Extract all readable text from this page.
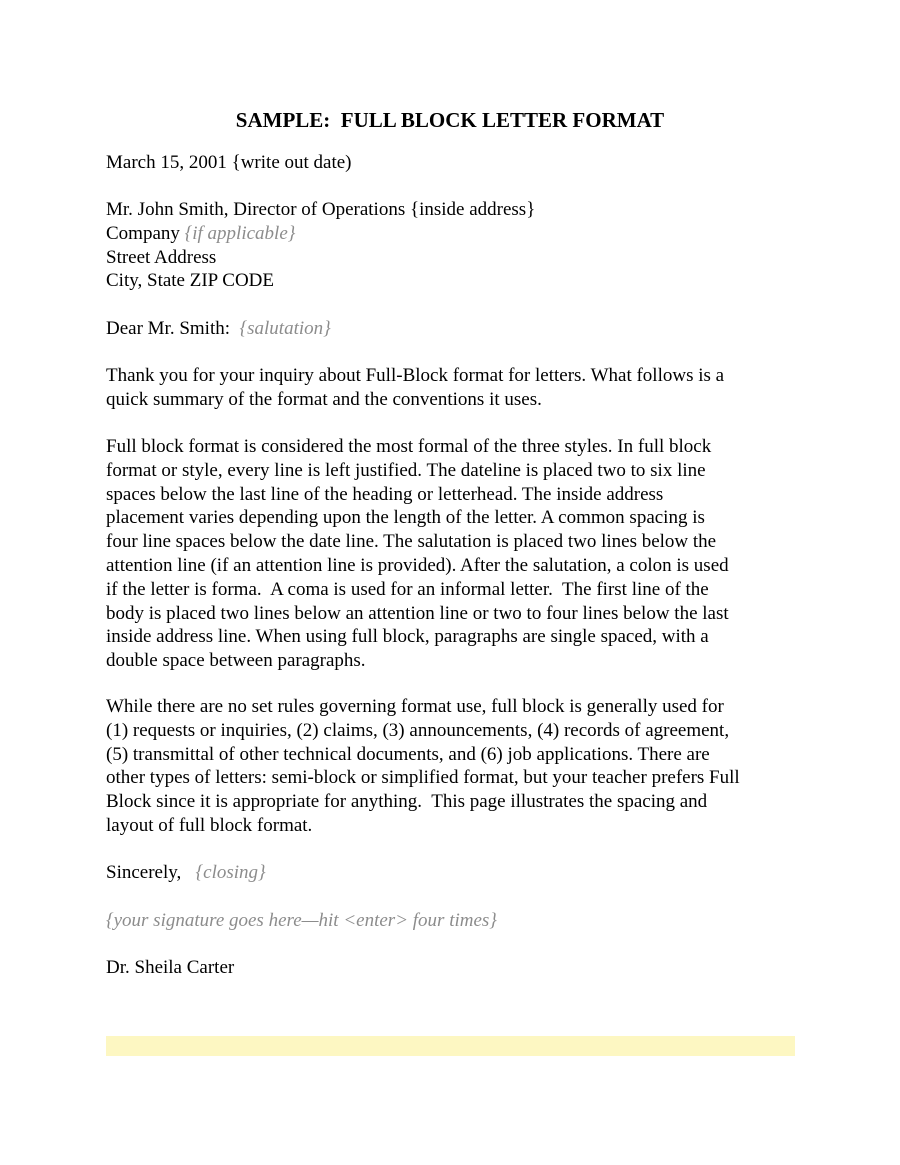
SAMPLE:  FULL BLOCK LETTER FORMAT
March 15, 2001 {write out date)
Mr. John Smith, Director of Operations {inside address}
Company {if applicable}
Street Address
City, State ZIP CODE
Dear Mr. Smith: {salutation}
Thank you for your inquiry about Full-Block format for letters. What follows is a
quick summary of the format and the conventions it uses.
Full block format is considered the most formal of the three styles. In full block
format or style, every line is left justified. The dateline is placed two to six line
spaces below the last line of the heading or letterhead. The inside address
placement varies depending upon the length of the letter. A common spacing is
four line spaces below the date line. The salutation is placed two lines below the
attention line (if an attention line is provided). After the salutation, a colon is used
if the letter is forma.  A coma is used for an informal letter.  The first line of the
body is placed two lines below an attention line or two to four lines below the last
inside address line. When using full block, paragraphs are single spaced, with a
double space between paragraphs.
While there are no set rules governing format use, full block is generally used for
(1) requests or inquiries, (2) claims, (3) announcements, (4) records of agreement,
(5) transmittal of other technical documents, and (6) job applications. There are
other types of letters: semi-block or simplified format, but your teacher prefers Full
Block since it is appropriate for anything.  This page illustrates the spacing and
layout of full block format.
Sincerely, {closing}
{your signature goes here—hit <enter> four times}
Dr. Sheila Carter
